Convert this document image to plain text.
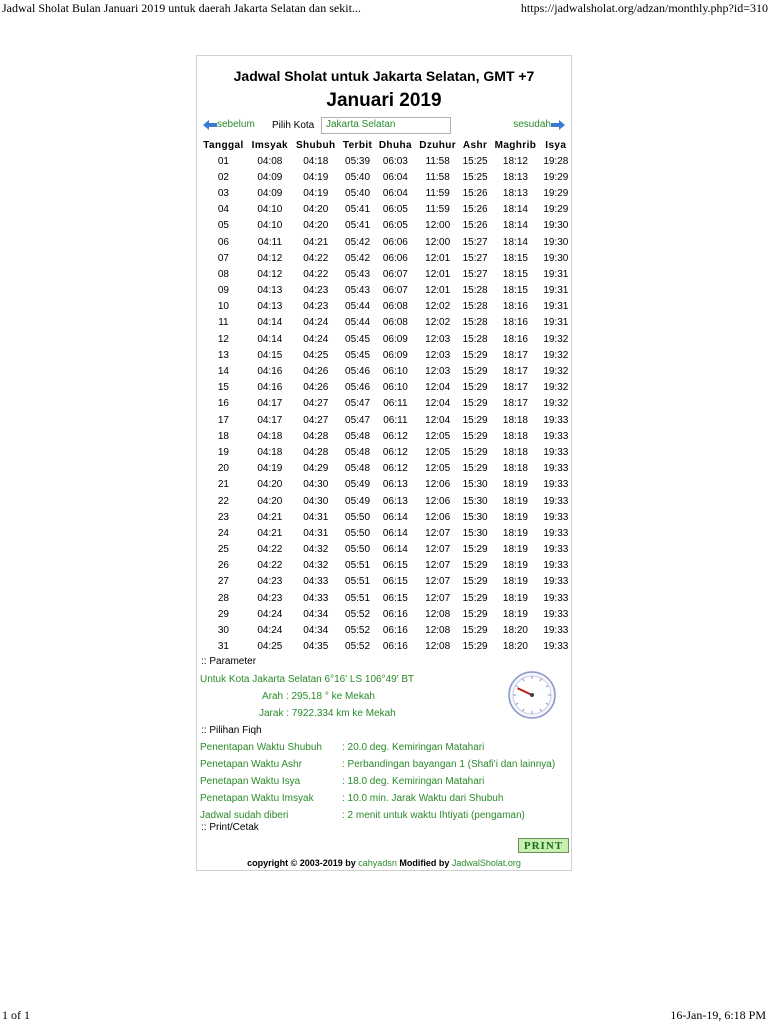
Jadwal Sholat Bulan Januari 2019 untuk daerah Jakarta Selatan dan sekit...	https://jadwalsholat.org/adzan/monthly.php?id=310
Jadwal Sholat untuk Jakarta Selatan, GMT +7
Januari 2019
sebelum Pilih Kota	Jakarta Selatan	sesudah
Tanggal	Imsyak	Shubuh	Terbit	Dhuha	Dzuhur	Ashr	Maghrib	Isya
01	04:08	04:18	05:39	06:03	11:58	15:25	18:12	19:28
02	04:09	04:19	05:40	06:04	11:58	15:25	18:13	19:29
03	04:09	04:19	05:40	06:04	11:59	15:26	18:13	19:29
04	04:10	04:20	05:41	06:05	11:59	15:26	18:14	19:29
05	04:10	04:20	05:41	06:05	12:00	15:26	18:14	19:30
06	04:11	04:21	05:42	06:06	12:00	15:27	18:14	19:30
07	04:12	04:22	05:42	06:06	12:01	15:27	18:15	19:30
08	04:12	04:22	05:43	06:07	12:01	15:27	18:15	19:31
09	04:13	04:23	05:43	06:07	12:01	15:28	18:15	19:31
10	04:13	04:23	05:44	06:08	12:02	15:28	18:16	19:31
11	04:14	04:24	05:44	06:08	12:02	15:28	18:16	19:31
12	04:14	04:24	05:45	06:09	12:03	15:28	18:16	19:32
13	04:15	04:25	05:45	06:09	12:03	15:29	18:17	19:32
14	04:16	04:26	05:46	06:10	12:03	15:29	18:17	19:32
15	04:16	04:26	05:46	06:10	12:04	15:29	18:17	19:32
16	04:17	04:27	05:47	06:11	12:04	15:29	18:17	19:32
17	04:17	04:27	05:47	06:11	12:04	15:29	18:18	19:33
18	04:18	04:28	05:48	06:12	12:05	15:29	18:18	19:33
19	04:18	04:28	05:48	06:12	12:05	15:29	18:18	19:33
20	04:19	04:29	05:48	06:12	12:05	15:29	18:18	19:33
21	04:20	04:30	05:49	06:13	12:06	15:30	18:19	19:33
22	04:20	04:30	05:49	06:13	12:06	15:30	18:19	19:33
23	04:21	04:31	05:50	06:14	12:06	15:30	18:19	19:33
24	04:21	04:31	05:50	06:14	12:07	15:30	18:19	19:33
25	04:22	04:32	05:50	06:14	12:07	15:29	18:19	19:33
26	04:22	04:32	05:51	06:15	12:07	15:29	18:19	19:33
27	04:23	04:33	05:51	06:15	12:07	15:29	18:19	19:33
28	04:23	04:33	05:51	06:15	12:07	15:29	18:19	19:33
29	04:24	04:34	05:52	06:16	12:08	15:29	18:19	19:33
30	04:24	04:34	05:52	06:16	12:08	15:29	18:20	19:33
31	04:25	04:35	05:52	06:16	12:08	15:29	18:20	19:33
:: Parameter
Untuk Kota Jakarta Selatan 6°16' LS 106°49' BT
Arah : 295.18 ° ke Mekah
Jarak : 7922.334 km ke Mekah
:: Pilihan Fiqh
Penentapan Waktu Shubuh : 20.0 deg. Kemiringan Matahari
Penetapan Waktu Ashr	: Perbandingan bayangan 1 (Shafi'i dan lainnya)
Penetapan Waktu Isya	: 18.0 deg. Kemiringan Matahari
Penetapan Waktu Imsyak	: 10.0 min. Jarak Waktu dari Shubuh
Jadwal sudah diberi	: 2 menit untuk waktu Ihtiyati (pengaman)
:: Print/Cetak
PRINT
copyright © 2003-2019 by cahyadsn Modified by JadwalSholat.org
1 of 1	16-Jan-19, 6:18 PM
